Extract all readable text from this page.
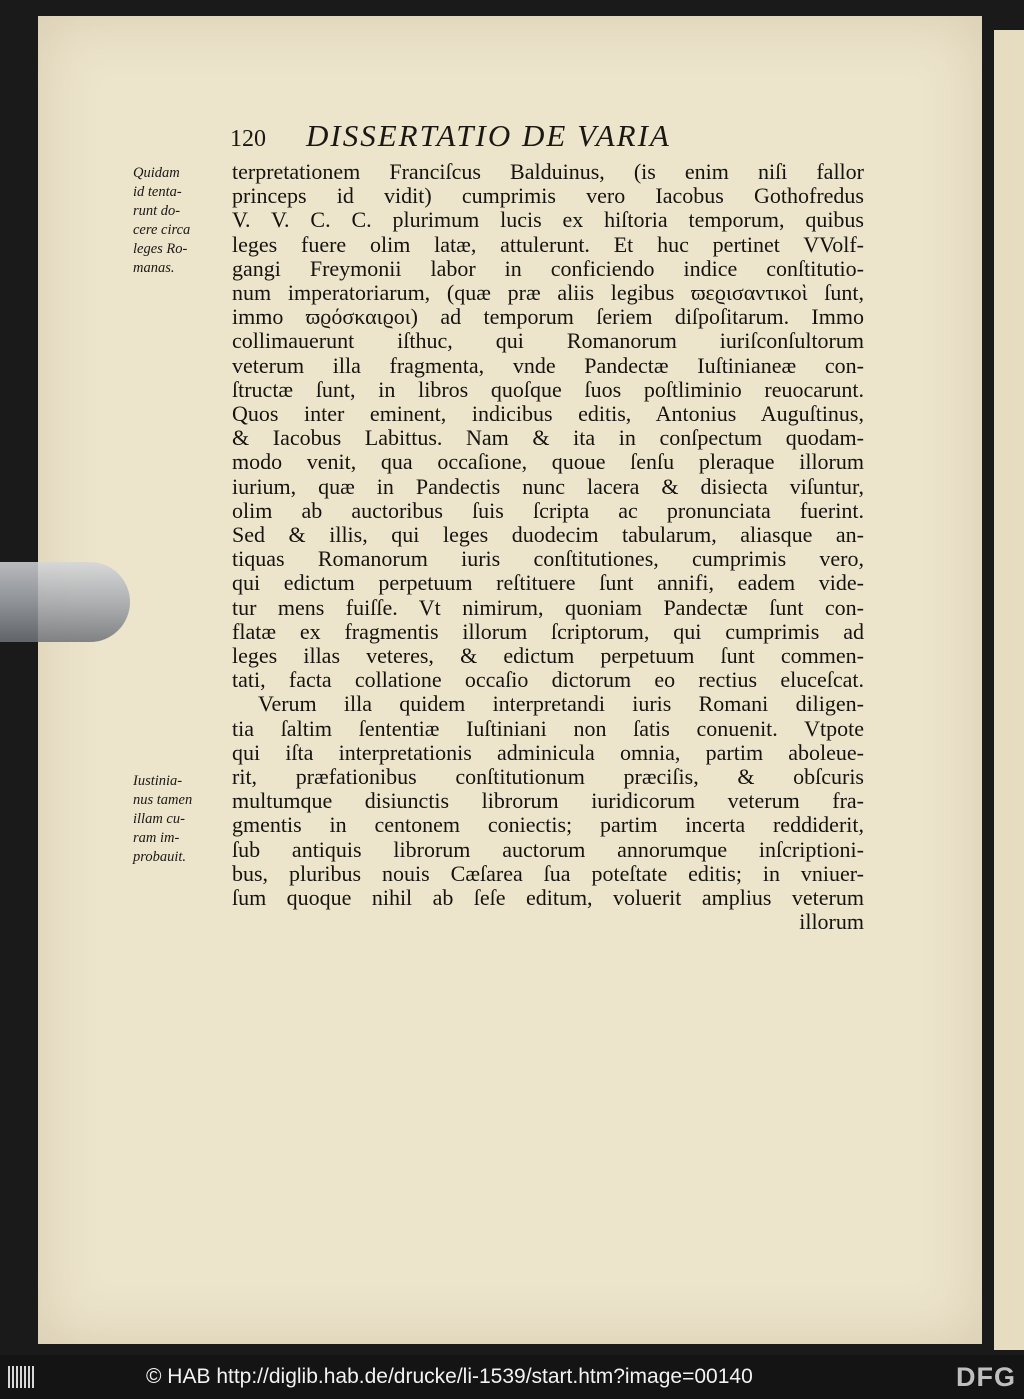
120 DISSERTATIO DE VARIA
Quidam
id tenta-
runt do-
cere circa
leges Ro-
manas.
Iustinia-
nus tamen
illam cu-
ram im-
probauit.
terpretationem Franciſcus Balduinus, (is enim niſi fallor
princeps id vidit) cumprimis vero Iacobus Gothofredus
V. V. C. C. plurimum lucis ex hiſtoria temporum, quibus
leges fuere olim latæ, attulerunt. Et huc pertinet VVolf-
gangi Freymonii labor in conficiendo indice conſtitutio-
num imperatoriarum, (quæ præ aliis legibus ϖεϱισαντικοὶ ſunt,
immo ϖϱόσκαιϱοι) ad temporum ſeriem diſpoſitarum. Immo
collimauerunt iſthuc, qui Romanorum iuriſconſultorum
veterum illa fragmenta, vnde Pandectæ Iuſtinianeæ con-
ſtructæ ſunt, in libros quoſque ſuos poſtliminio reuocarunt.
Quos inter eminent, indicibus editis, Antonius Auguſtinus,
& Iacobus Labittus. Nam & ita in conſpectum quodam-
modo venit, qua occaſione, quoue ſenſu pleraque illorum
iurium, quæ in Pandectis nunc lacera & disiecta viſuntur,
olim ab auctoribus ſuis ſcripta ac pronunciata fuerint.
Sed & illis, qui leges duodecim tabularum, aliasque an-
tiquas Romanorum iuris conſtitutiones, cumprimis vero,
qui edictum perpetuum reſtituere ſunt annifi, eadem vide-
tur mens fuiſſe. Vt nimirum, quoniam Pandectæ ſunt con-
flatæ ex fragmentis illorum ſcriptorum, qui cumprimis ad
leges illas veteres, & edictum perpetuum ſunt commen-
tati, facta collatione occaſio dictorum eo rectius eluceſcat.
Verum illa quidem interpretandi iuris Romani diligen-
tia ſaltim ſententiæ Iuſtiniani non ſatis conuenit. Vtpote
qui iſta interpretationis adminicula omnia, partim aboleue-
rit, præfationibus conſtitutionum præciſis, & obſcuris
multumque disiunctis librorum iuridicorum veterum fra-
gmentis in centonem coniectis; partim incerta reddiderit,
ſub antiquis librorum auctorum annorumque inſcriptioni-
bus, pluribus nouis Cæſarea ſua poteſtate editis; in vniuer-
ſum quoque nihil ab ſeſe editum, voluerit amplius veterum
illorum
© HAB http://diglib.hab.de/drucke/li-1539/start.htm?image=00140	DFG
